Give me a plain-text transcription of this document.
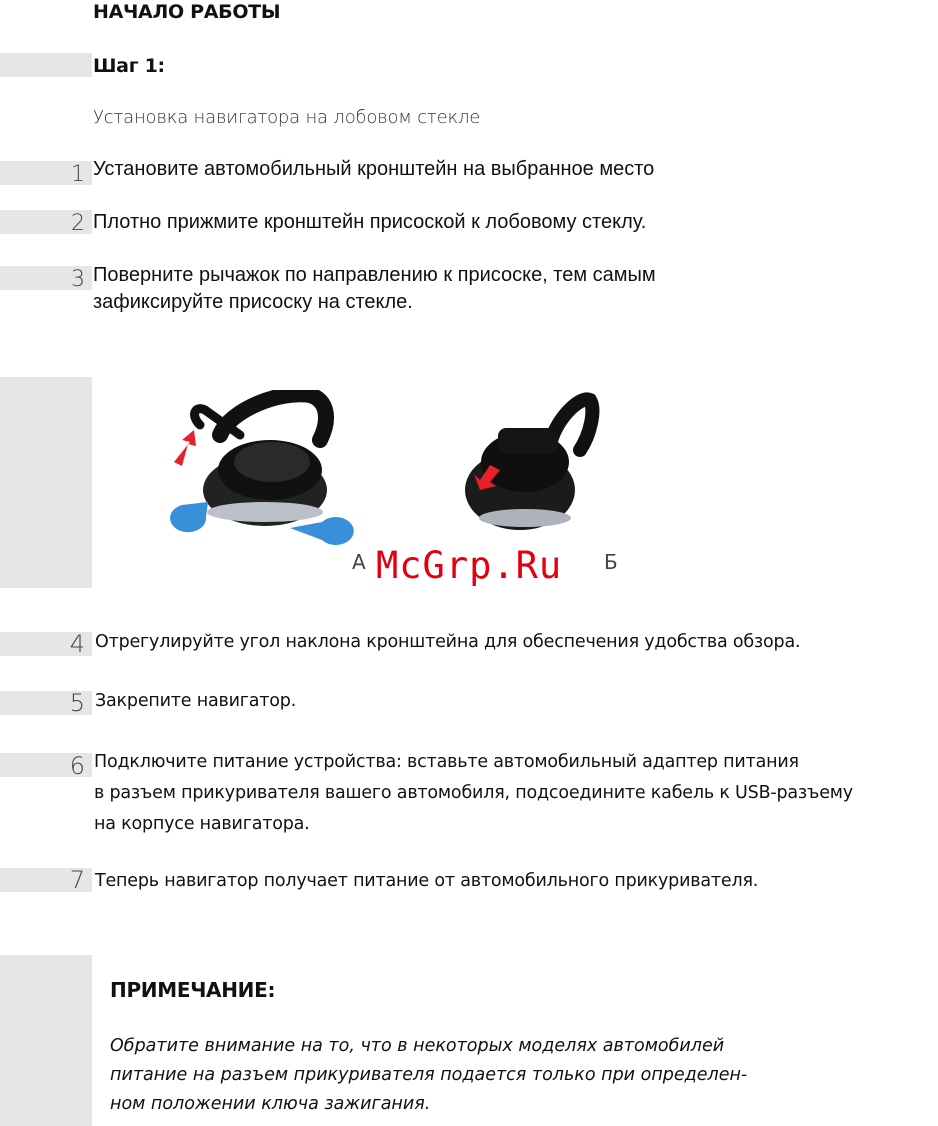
НАЧАЛО РАБОТЫ
Шаг 1:
Установка навигатора на лобовом стекле
1 Установите автомобильный кронштейн на выбранное место
2 Плотно прижмите кронштейн присоской к лобовому стеклу.
3 Поверните рычажок по направлению к присоске, тем самым
зафиксируйте присоску на стекле.
А	Б
McGrp.Ru
4 Отрегулируйте угол наклона кронштейна для обеспечения удобства обзора.
5 Закрепите навигатор.
6 Подключите питание устройства: вставьте автомобильный адаптер питания
в разъем прикуривателя вашего автомобиля, подсоедините кабель к USB-разъему
на корпусе навигатора.
7 Теперь навигатор получает питание от автомобильного прикуривателя.
ПРИМЕЧАНИЕ:
Обратите внимание на то, что в некоторых моделях автомобилей
питание на разъем прикуривателя подается только при определен-
ном положении ключа зажигания.
